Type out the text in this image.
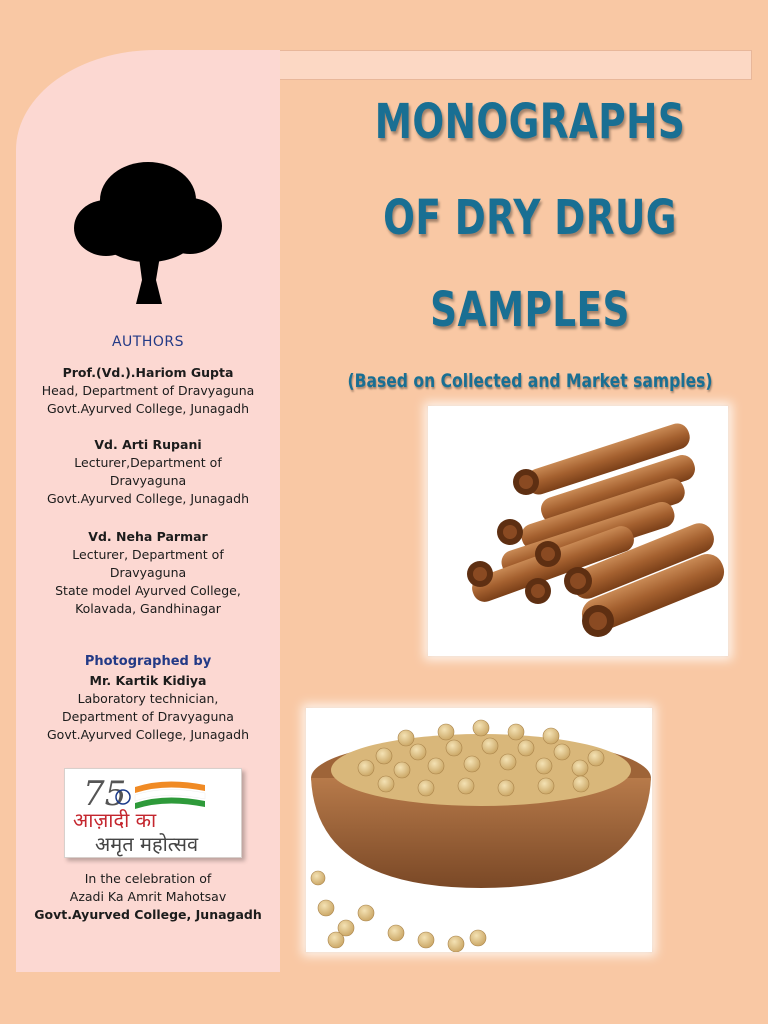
AUTHORS
Prof.(Vd.).Hariom Gupta
Head, Department of Dravyaguna
Govt.Ayurved College, Junagadh
Vd. Arti Rupani
Lecturer,Department of
Dravyaguna
Govt.Ayurved College, Junagadh
Vd. Neha Parmar
Lecturer, Department of
Dravyaguna
State model Ayurved College,
Kolavada, Gandhinagar
Photographed by
Mr. Kartik Kidiya
Laboratory technician,
Department of Dravyaguna
Govt.Ayurved College, Junagadh
75
आज़ादी का
अमृत महोत्सव
In the celebration of
Azadi Ka Amrit Mahotsav
Govt.Ayurved College, Junagadh
MONOGRAPHS
OF DRY DRUG
SAMPLES
(Based on Collected and Market samples)
